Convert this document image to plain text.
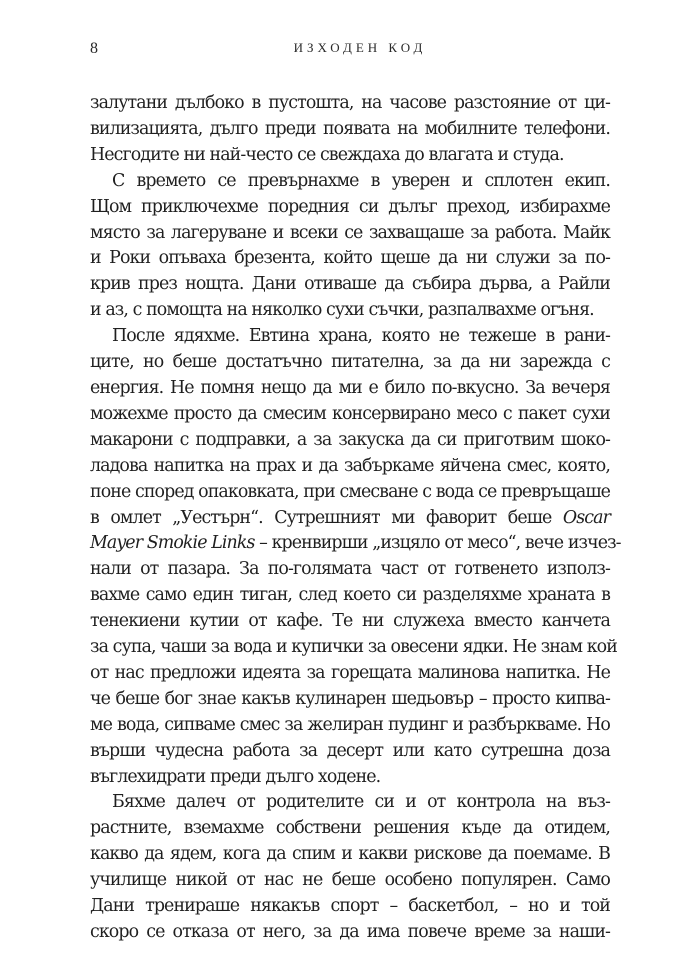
8	ИЗХОДЕН КОД
залутани дълбоко в пустошта, на часове разстояние от ци-
вилизацията, дълго преди появата на мобилните телефони.
Несгодите ни най-често се свеждаха до влагата и студа.
С времето се превърнахме в уверен и сплотен екип.
Щом приключехме поредния си дълъг преход, избирахме
място за лагеруване и всеки се захващаше за работа. Майк
и Роки опъваха брезента, който щеше да ни служи за по-
крив през нощта. Дани отиваше да събира дърва, а Райли
и аз, с помощта на няколко сухи съчки, разпалвахме огъня.
После ядяхме. Евтина храна, която не тежеше в рани-
ците, но беше достатъчно питателна, за да ни зарежда с
енергия. Не помня нещо да ми е било по-вкусно. За вечеря
можехме просто да смесим консервирано месо с пакет сухи
макарони с подправки, а за закуска да си приготвим шоко-
ладова напитка на прах и да забъркаме яйчена смес, която,
поне според опаковката, при смесване с вода се превръщаше
в омлет „Уестърн“. Сутрешният ми фаворит беше Oscar
Mayer Smokie Links – кренвирши „изцяло от месо“, вече изчез-
нали от пазара. За по-голямата част от готвенето използ-
вахме само един тиган, след което си разделяхме храната в
тенекиени кутии от кафе. Те ни служеха вместо канчета
за супа, чаши за вода и купички за овесени ядки. Не знам кой
от нас предложи идеята за горещата малинова напитка. Не
че беше бог знае какъв кулинарен шедьовър – просто кипва-
ме вода, сипваме смес за желиран пудинг и разбъркваме. Но
върши чудесна работа за десерт или като сутрешна доза
въглехидрати преди дълго ходене.
Бяхме далеч от родителите си и от контрола на въз-
растните, вземахме собствени решения къде да отидем,
какво да ядем, кога да спим и какви рискове да поемаме. В
училище никой от нас не беше особено популярен. Само
Дани тренираше някакъв спорт – баскетбол, – но и той
скоро се отказа от него, за да има повече време за наши-
